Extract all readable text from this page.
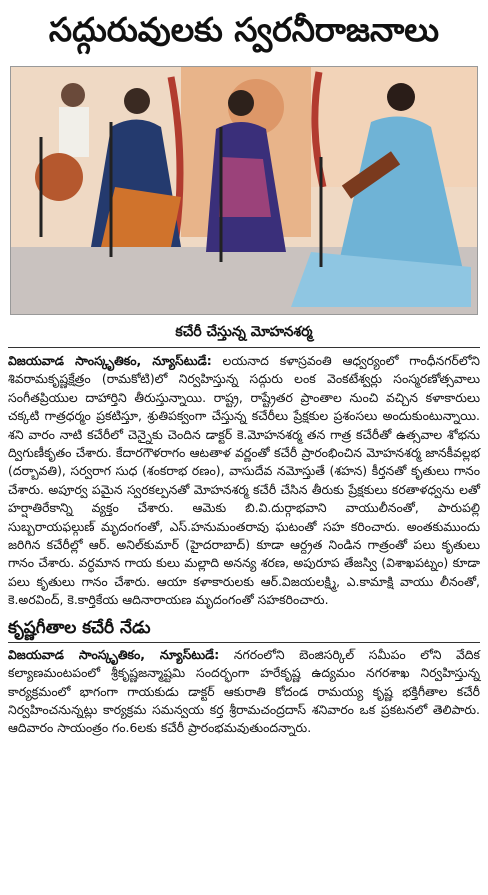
సద్గురువులకు స్వరనీరాజనాలు
కచేరీ చేస్తున్న మోహనశర్మ
విజయవాడ సాంస్కృతికం, న్యూస్‌టుడే: లయనాద కళాస్రవంతి ఆధ్వర్యంలో గాంధీనగర్‌లోని శివరామకృష్ణక్షేత్రం (రామకోటి)లో నిర్వహిస్తున్న సద్గురు లంక వెంకటేశ్వర్లు సంస్మరణోత్సవాలు సంగీతప్రియుల దాహార్తిని తీరుస్తున్నాయి. రాష్ట్ర, రాష్ట్రేతర ప్రాంతాల నుంచి వచ్చిన కళాకారులు చక్కటి గాత్రధర్మం ప్రకటిస్తూ, శ్రుతిపక్వంగా చేస్తున్న కచేరీలు ప్రేక్షకుల ప్రశంసలు అందుకుంటున్నాయి. శని వారం నాటి కచేరీలో చెన్నైకు చెందిన డాక్టర్ కె.మోహనశర్మ తన గాత్ర కచేరీతో ఉత్సవాల శోభను ద్విగుణీకృతం చేశారు. కేదారగౌళరాగం ఆటతాళ వర్ణంతో కచేరీ ప్రారంభించిన మోహనశర్మ జానకీవల్లభ (దర్బావతి), సర్వరాగ సుధ (శంకరాభ రణం), వాసుదేవ నమోస్తుతే (శహన) కీర్తనతో కృతులు గానం చేశారు. అపూర్వ పమైన స్వరకల్పనతో మోహనశర్మ కచేరీ చేసిన తీరుకు ప్రేక్షకులు కరతాళధ్వను లతో హర్షాతిరేకాన్ని వ్యక్తం చేశారు. ఆమెకు బి.వి.దుర్గాభవాని వాయులీనంతో, పారుపల్లి సుబ్బరాయఫల్గుణ్ మృదంగంతో, ఎస్.హనుమంతరావు ఘటంతో సహ కరించారు. అంతకుముందు జరిగిన కచేరీల్లో ఆర్. అనిల్‌కుమార్ (హైదరాబాద్) కూడా ఆర్ద్రత నిండిన గాత్రంతో పలు కృతులు గానం చేశారు. వర్ధమాన గాయ కులు మల్లాది అనన్య శరణ, అపురూప తేజస్వి (విశాఖపట్నం) కూడా పలు కృతులు గానం చేశారు. ఆయా కళాకారులకు ఆర్.విజయలక్ష్మి, ఎ.కామాక్షి వాయు లీనంతో, కె.అరవింద్, కె.కార్తికేయ ఆదినారాయణ మృదంగంతో సహకరించారు.
కృష్ణగీతాల కచేరీ నేడు
విజయవాడ సాంస్కృతికం, న్యూస్‌టుడే: నగరంలోని బెంజిసర్కిల్ సమీపం లోని వేదిక కల్యాణమంటపంలో శ్రీకృష్ణజన్మాష్టమి సందర్భంగా హరేకృష్ణ ఉద్యమం నగరశాఖ నిర్వహిస్తున్న కార్యక్రమంలో భాగంగా గాయకుడు డాక్టర్ ఆకురాతి కోదండ రామయ్య కృష్ణ భక్తిగీతాల కచేరీ నిర్వహించనున్నట్లు కార్యక్రమ సమన్వయ కర్త శ్రీరామచంద్రదాస్ శనివారం ఒక ప్రకటనలో తెలిపారు. ఆదివారం సాయంత్రం గం.6లకు కచేరీ ప్రారంభమవుతుందన్నారు.
